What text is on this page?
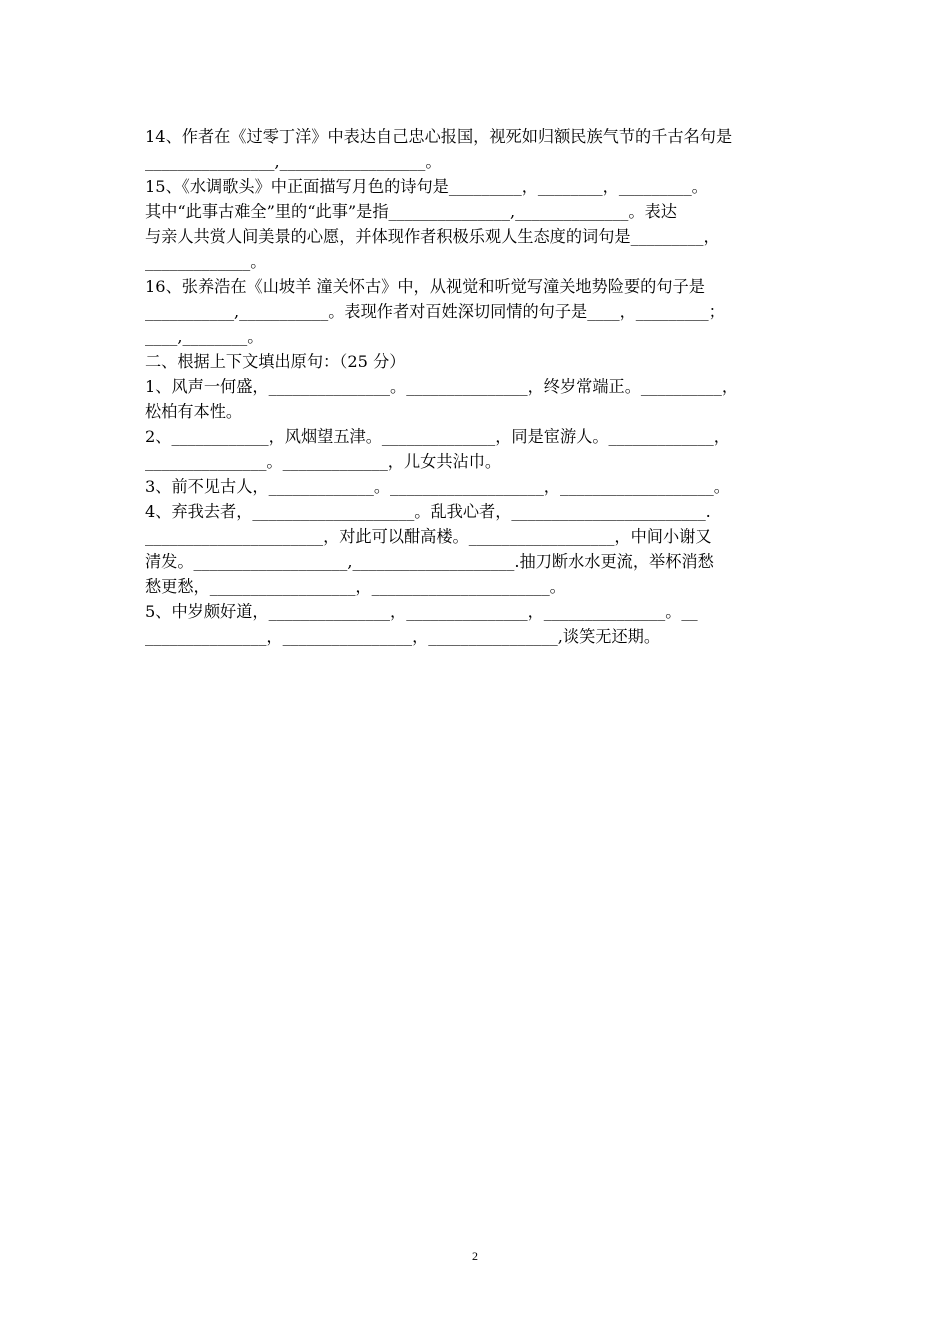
14、作者在《过零丁洋》中表达自己忠心报国，视死如归额民族气节的千古名句是
________________,__________________。
15、《水调歌头》中正面描写月色的诗句是_________，________，_________。
其中“此事古难全”里的“此事”是指_______________,______________。表达
与亲人共赏人间美景的心愿，并体现作者积极乐观人生态度的词句是_________，
_____________。
16、张养浩在《山坡羊 潼关怀古》中，从视觉和听觉写潼关地势险要的句子是
___________,___________。表现作者对百姓深切同情的句子是____，_________；
____,________。
二、根据上下文填出原句：（25 分）
1、风声一何盛，_______________。_______________，终岁常端正。__________，
松柏有本性。
2、____________，风烟望五津。______________，同是宦游人。_____________，
_______________。_____________，儿女共沾巾。
3、前不见古人，_____________。___________________，___________________。
4、弃我去者，____________________。乱我心者，________________________.
______________________，对此可以酣高楼。__________________，中间小谢又
清发。___________________,____________________.抽刀断水水更流，举杯消愁
愁更愁，__________________，______________________。
5、中岁颇好道，_______________，_______________，_______________。__
_______________，________________，________________,谈笑无还期。
2
